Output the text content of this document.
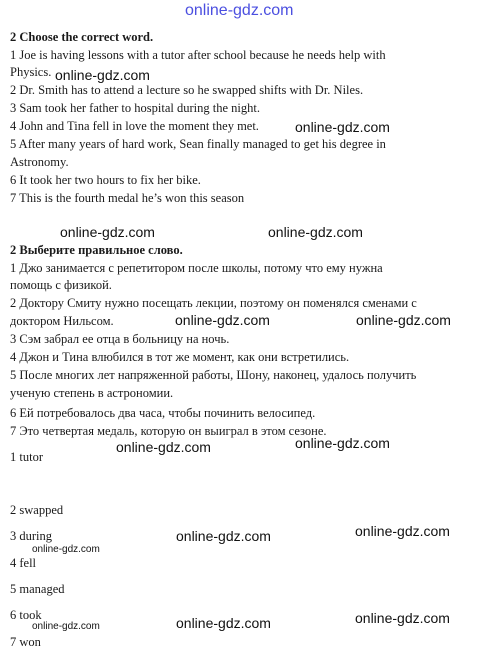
online-gdz.com
2 Choose the correct word.
1 Joe is having lessons with a tutor after school because he needs help with
Physics.
2 Dr. Smith has to attend a lecture so he swapped shifts with Dr. Niles.
3 Sam took her father to hospital during the night.
4 John and Tina fell in love the moment they met.
5 After many years of hard work, Sean finally managed to get his degree in
Astronomy.
6 It took her two hours to fix her bike.
7 This is the fourth medal he’s won this season
online-gdz.com
online-gdz.com
online-gdz.com	online-gdz.com
2 Выберите правильное слово.
1 Джо занимается с репетитором после школы, потому что ему нужна
помощь с физикой.
2 Доктору Смиту нужно посещать лекции, поэтому он поменялся сменами с
доктором Нильсом.
3 Сэм забрал ее отца в больницу на ночь.
4 Джон и Тина влюбился в тот же момент, как они встретились.
5 После многих лет напряженной работы, Шону, наконец, удалось получить
ученую степень в астрономии.
6 Ей потребовалось два часа, чтобы починить велосипед.
7 Это четвертая медаль, которую он выиграл в этом сезоне.
online-gdz.com	online-gdz.com
online-gdz.com
online-gdz.com
1 tutor
2 swapped
3 during
4 fell
5 managed
6 took
7 won
online-gdz.com	online-gdz.com
online-gdz.com
online-gdz.com	online-gdz.com
online-gdz.com
